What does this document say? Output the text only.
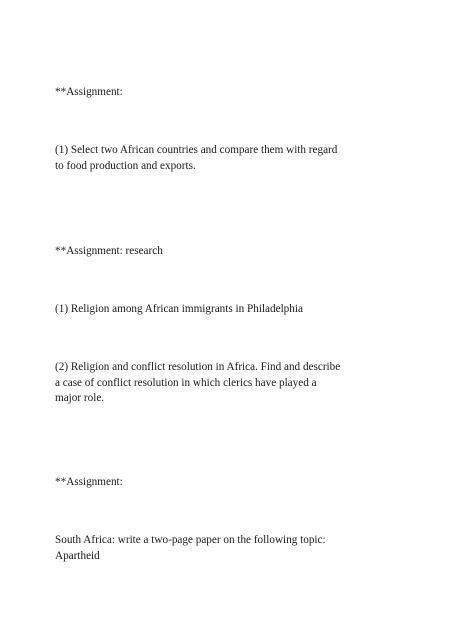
**Assignment:

(1) Select two African countries and compare them with regard

to food production and exports.

**Assignment: research

(1) Religion among African immigrants in Philadelphia

(2) Religion and conflict resolution in Africa. Find and describe

a case of conflict resolution in which clerics have played a

major role.

**Assignment:

South Africa: write a two-page paper on the following topic:

Apartheid
